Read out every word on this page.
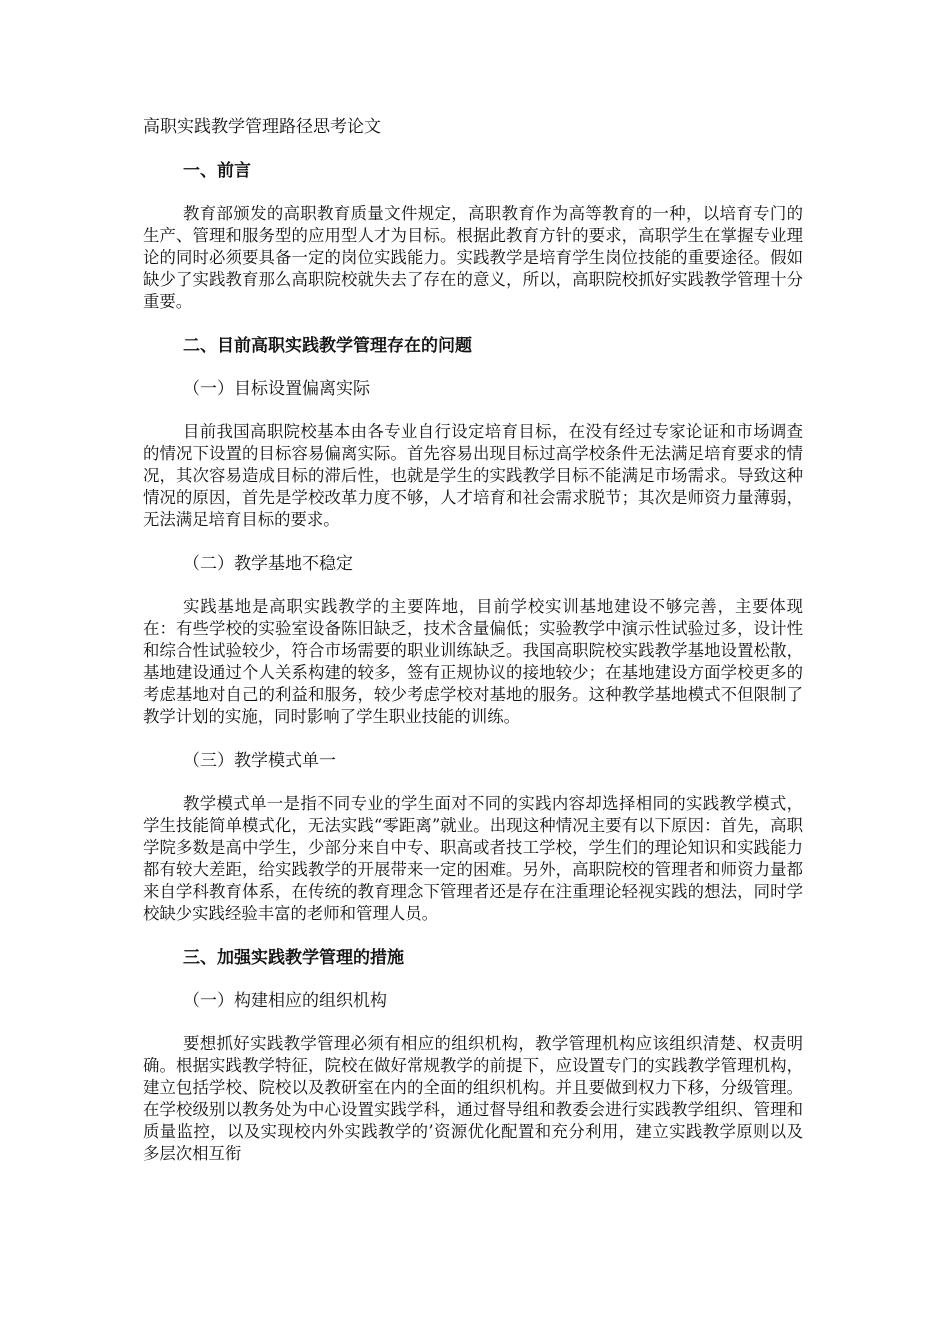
高职实践教学管理路径思考论文
一、前言

教育部颁发的高职教育质量文件规定，高职教育作为高等教育的一种，以培育专门的生产、管理和服务型的应用型人才为目标。根据此教育方针的要求，高职学生在掌握专业理论的同时必须要具备一定的岗位实践能力。实践教学是培育学生岗位技能的重要途径。假如缺少了实践教育那么高职院校就失去了存在的意义，所以，高职院校抓好实践教学管理十分重要。

二、目前高职实践教学管理存在的问题
（一）目标设置偏离实际

目前我国高职院校基本由各专业自行设定培育目标，在没有经过专家论证和市场调查的情况下设置的目标容易偏离实际。首先容易出现目标过高学校条件无法满足培育要求的情况，其次容易造成目标的滞后性，也就是学生的实践教学目标不能满足市场需求。导致这种情况的原因，首先是学校改革力度不够，人才培育和社会需求脱节；其次是师资力量薄弱，无法满足培育目标的要求。

（二）教学基地不稳定

实践基地是高职实践教学的主要阵地，目前学校实训基地建设不够完善，主要体现在：有些学校的实验室设备陈旧缺乏，技术含量偏低；实验教学中演示性试验过多，设计性和综合性试验较少，符合市场需要的职业训练缺乏。我国高职院校实践教学基地设置松散，基地建设通过个人关系构建的较多，签有正规协议的接地较少；在基地建设方面学校更多的考虑基地对自己的利益和服务，较少考虑学校对基地的服务。这种教学基地模式不但限制了教学计划的实施，同时影响了学生职业技能的训练。

（三）教学模式单一

教学模式单一是指不同专业的学生面对不同的实践内容却选择相同的实践教学模式，学生技能简单模式化，无法实践“零距离”就业。出现这种情况主要有以下原因：首先，高职学院多数是高中学生，少部分来自中专、职高或者技工学校，学生们的理论知识和实践能力都有较大差距，给实践教学的开展带来一定的困难。另外，高职院校的管理者和师资力量都来自学科教育体系，在传统的教育理念下管理者还是存在注重理论轻视实践的想法，同时学校缺少实践经验丰富的老师和管理人员。

三、加强实践教学管理的措施
（一）构建相应的组织机构

要想抓好实践教学管理必须有相应的组织机构，教学管理机构应该组织清楚、权责明确。根据实践教学特征，院校在做好常规教学的前提下，应设置专门的实践教学管理机构，建立包括学校、院校以及教研室在内的全面的组织机构。并且要做到权力下移，分级管理。在学校级别以教务处为中心设置实践学科，通过督导组和教委会进行实践教学组织、管理和质量监控，以及实现校内外实践教学的’资源优化配置和充分利用，建立实践教学原则以及多层次相互衔
